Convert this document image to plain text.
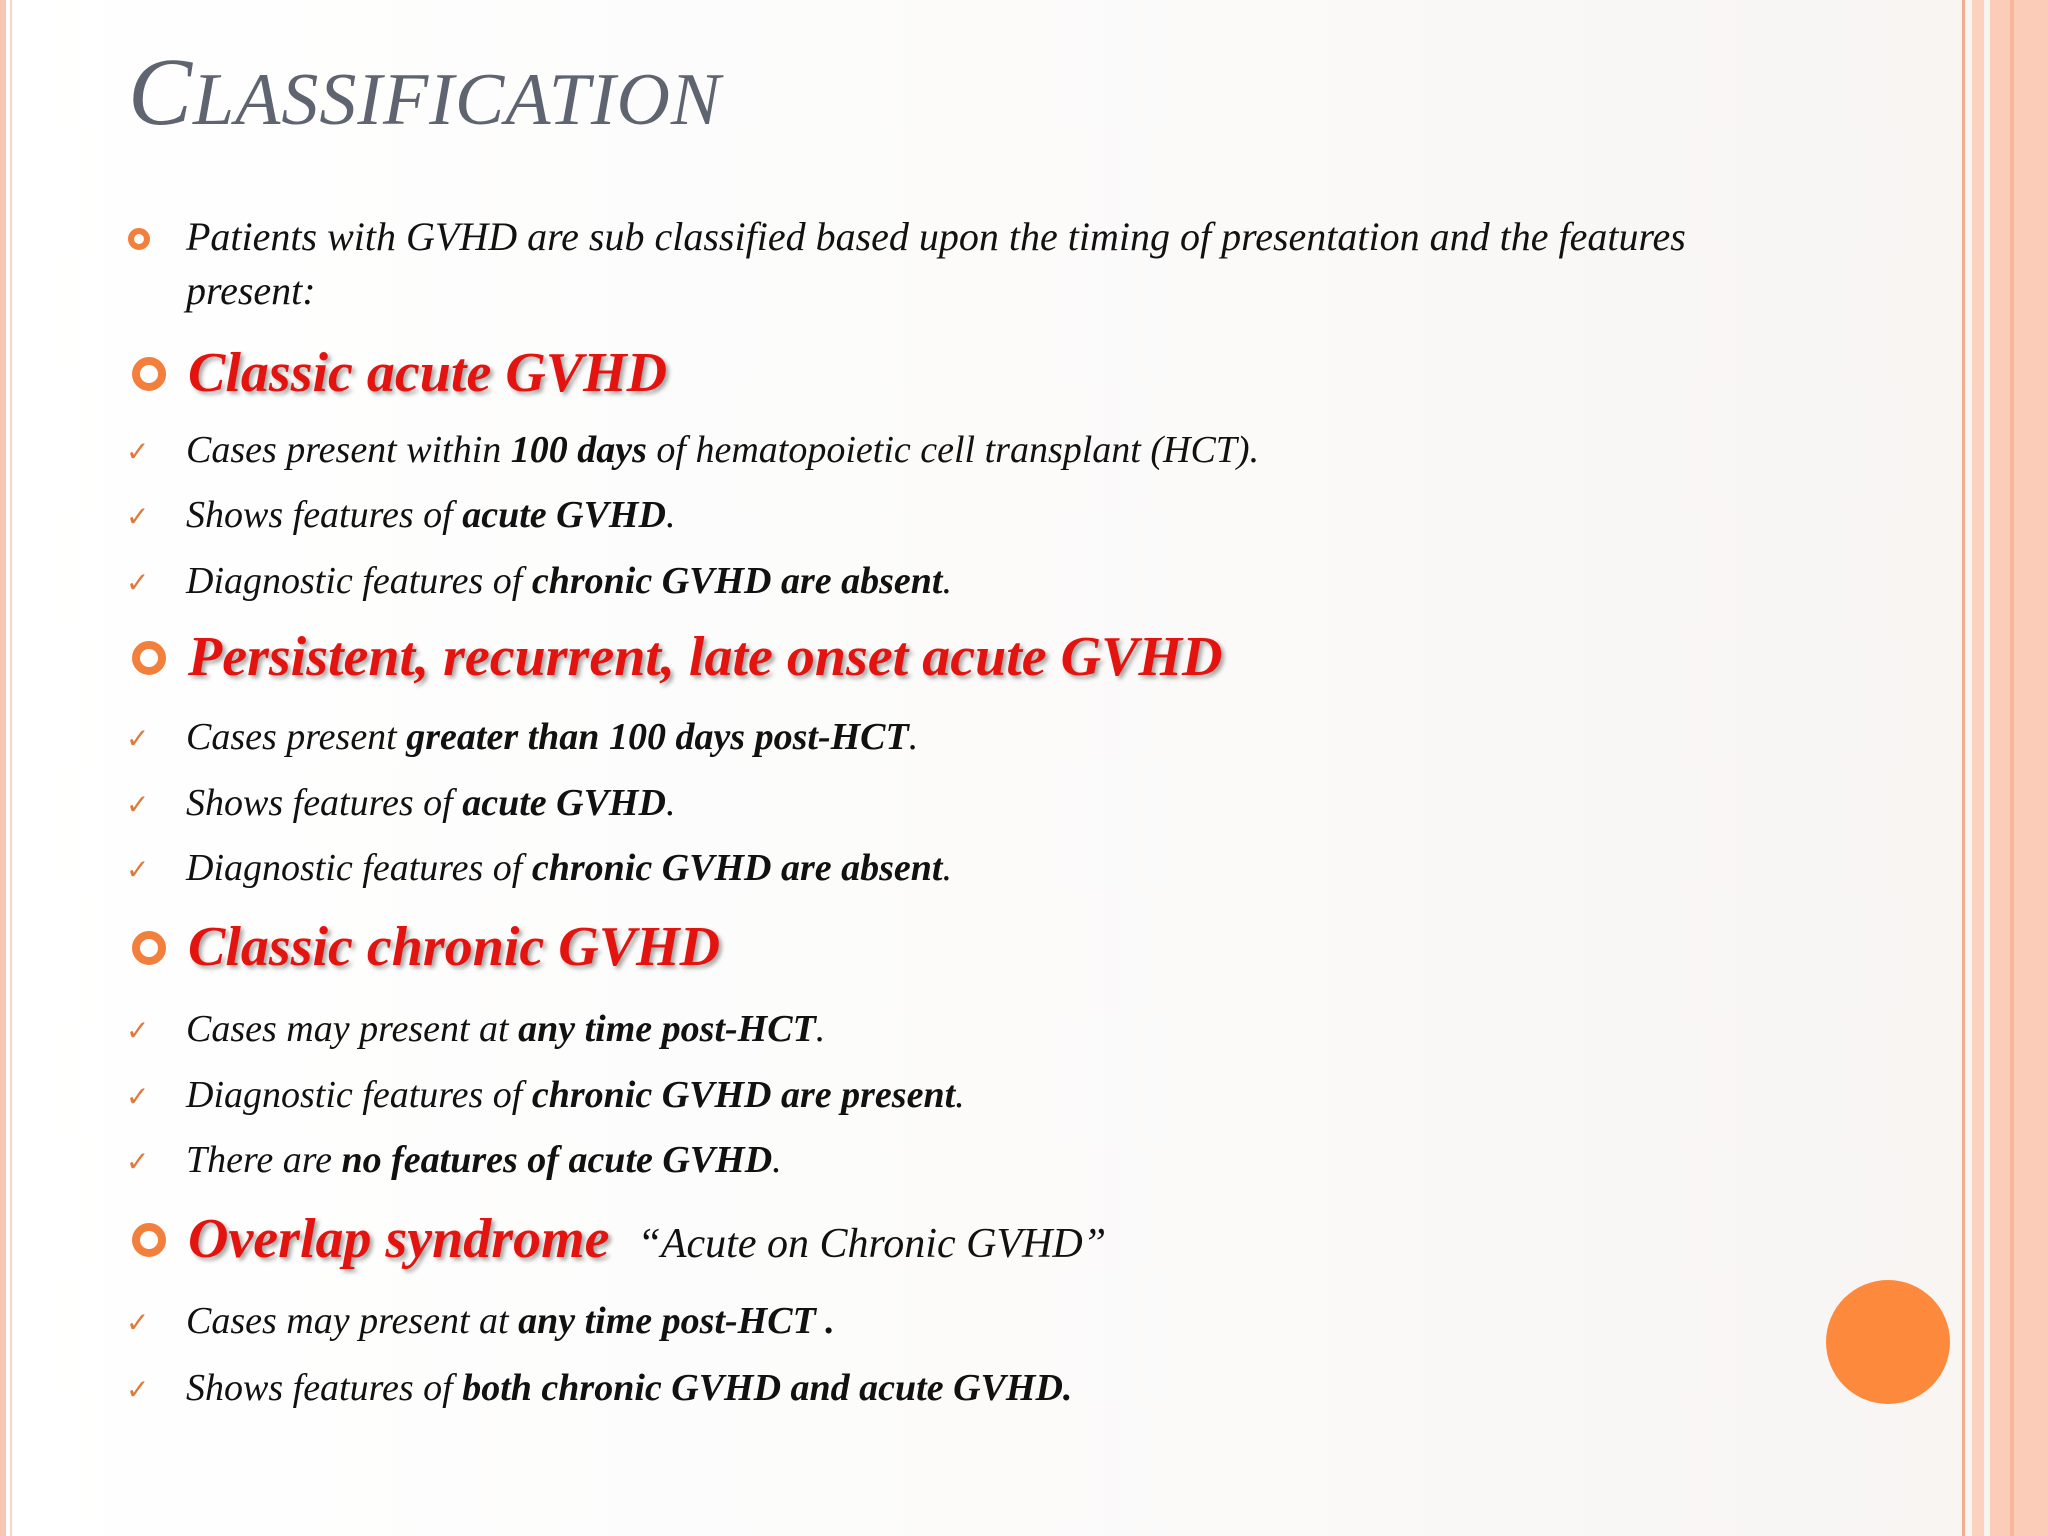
CLASSIFICATION
Patients with GVHD are sub classified based upon the timing of presentation and the features
present:
Classic acute GVHD
✓ Cases present within 100 days of hematopoietic cell transplant (HCT).
✓ Shows features of acute GVHD.
✓ Diagnostic features of chronic GVHD are absent.
Persistent, recurrent, late onset acute GVHD
✓ Cases present greater than 100 days post-HCT.
✓ Shows features of acute GVHD.
✓ Diagnostic features of chronic GVHD are absent.
Classic chronic GVHD
✓ Cases may present at any time post-HCT.
✓ Diagnostic features of chronic GVHD are present.
✓ There are no features of acute GVHD.
Overlap syndrome “Acute on Chronic GVHD”
✓ Cases may present at any time post-HCT .
✓ Shows features of both chronic GVHD and acute GVHD.
